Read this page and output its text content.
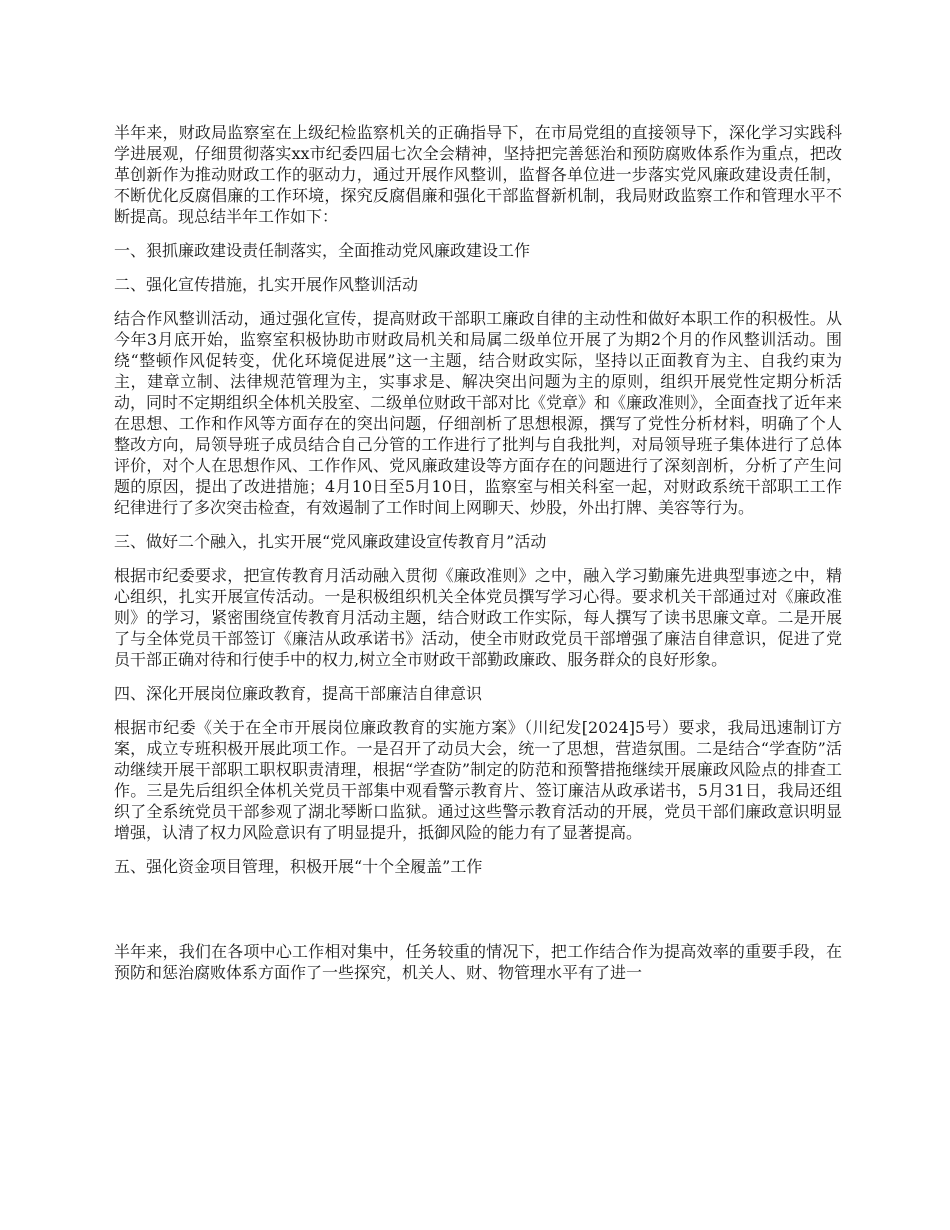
半年来，财政局监察室在上级纪检监察机关的正确指导下，在市局党组的直接领导下，深化学习实践科学进展观，仔细贯彻落实xx市纪委四届七次全会精神，坚持把完善惩治和预防腐败体系作为重点，把改革创新作为推动财政工作的驱动力，通过开展作风整训，监督各单位进一步落实党风廉政建设责任制，不断优化反腐倡廉的工作环境，探究反腐倡廉和强化干部监督新机制，我局财政监察工作和管理水平不断提高。现总结半年工作如下：

一、狠抓廉政建设责任制落实，全面推动党风廉政建设工作

二、强化宣传措施，扎实开展作风整训活动

结合作风整训活动，通过强化宣传，提高财政干部职工廉政自律的主动性和做好本职工作的积极性。从今年3月底开始，监察室积极协助市财政局机关和局属二级单位开展了为期2个月的作风整训活动。围绕“整顿作风促转变，优化环境促进展”这一主题，结合财政实际，坚持以正面教育为主、自我约束为主，建章立制、法律规范管理为主，实事求是、解决突出问题为主的原则，组织开展党性定期分析活动，同时不定期组织全体机关股室、二级单位财政干部对比《党章》和《廉政准则》，全面查找了近年来在思想、工作和作风等方面存在的突出问题，仔细剖析了思想根源，撰写了党性分析材料，明确了个人整改方向，局领导班子成员结合自己分管的工作进行了批判与自我批判，对局领导班子集体进行了总体评价，对个人在思想作风、工作作风、党风廉政建设等方面存在的问题进行了深刻剖析，分析了产生问题的原因，提出了改进措施；4月10日至5月10日，监察室与相关科室一起，对财政系统干部职工工作纪律进行了多次突击检查，有效遏制了工作时间上网聊天、炒股，外出打牌、美容等行为。

三、做好二个融入，扎实开展“党风廉政建设宣传教育月”活动

根据市纪委要求，把宣传教育月活动融入贯彻《廉政准则》之中，融入学习勤廉先进典型事迹之中，精心组织，扎实开展宣传活动。一是积极组织机关全体党员撰写学习心得。要求机关干部通过对《廉政准则》的学习，紧密围绕宣传教育月活动主题，结合财政工作实际，每人撰写了读书思廉文章。二是开展了与全体党员干部签订《廉洁从政承诺书》活动，使全市财政党员干部增强了廉洁自律意识，促进了党员干部正确对待和行使手中的权力,树立全市财政干部勤政廉政、服务群众的良好形象。

四、深化开展岗位廉政教育，提高干部廉洁自律意识

根据市纪委《关于在全市开展岗位廉政教育的实施方案》（川纪发[2024]5号）要求，我局迅速制订方案，成立专班积极开展此项工作。一是召开了动员大会，统一了思想，营造氛围。二是结合“学查防”活动继续开展干部职工职权职责清理，根据“学查防”制定的防范和预警措拖继续开展廉政风险点的排查工作。三是先后组织全体机关党员干部集中观看警示教育片、签订廉洁从政承诺书，5月31日，我局还组织了全系统党员干部参观了湖北琴断口监狱。通过这些警示教育活动的开展，党员干部们廉政意识明显增强，认清了权力风险意识有了明显提升，抵御风险的能力有了显著提高。

五、强化资金项目管理，积极开展“十个全履盖”工作

半年来，我们在各项中心工作相对集中，任务较重的情况下，把工作结合作为提高效率的重要手段，在预防和惩治腐败体系方面作了一些探究，机关人、财、物管理水平有了进一
